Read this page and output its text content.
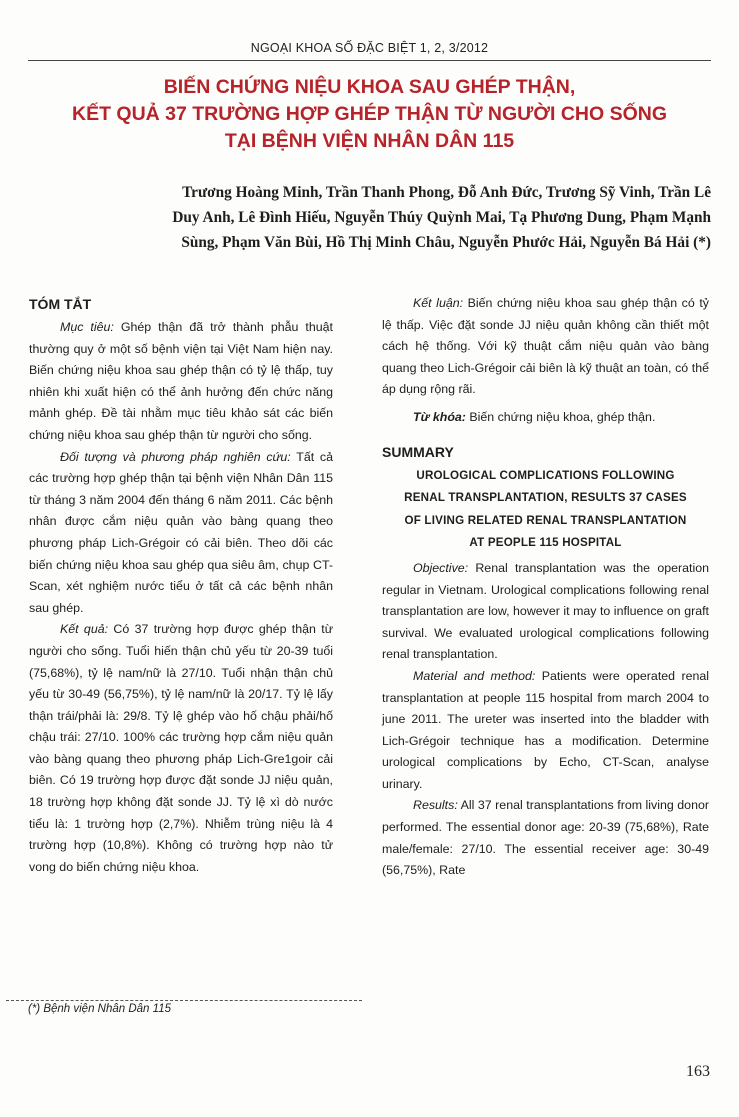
NGOẠI KHOA SỐ ĐẶC BIỆT 1, 2, 3/2012
BIẾN CHỨNG NIỆU KHOA SAU GHÉP THẬN,
KẾT QUẢ 37 TRƯỜNG HỢP GHÉP THẬN TỪ NGƯỜI CHO SỐNG
TẠI BỆNH VIỆN NHÂN DÂN 115
Trương Hoàng Minh, Trần Thanh Phong, Đỗ Anh Đức, Trương Sỹ Vinh, Trần Lê
Duy Anh, Lê Đình Hiếu, Nguyễn Thúy Quỳnh Mai, Tạ Phương Dung, Phạm Mạnh
Sùng, Phạm Văn Bùi, Hồ Thị Minh Châu, Nguyễn Phước Hải, Nguyễn Bá Hải (*)
TÓM TẮT

Mục tiêu: Ghép thận đã trở thành phẫu thuật thường quy ở một số bệnh viện tại Việt Nam hiện nay. Biến chứng niệu khoa sau ghép thận có tỷ lệ thấp, tuy nhiên khi xuất hiện có thể ảnh hưởng đến chức năng mảnh ghép. Đề tài nhằm mục tiêu khảo sát các biến chứng niệu khoa sau ghép thận từ người cho sống.

Đối tượng và phương pháp nghiên cứu: Tất cả các trường hợp ghép thận tại bệnh viện Nhân Dân 115 từ tháng 3 năm 2004 đến tháng 6 năm 2011. Các bệnh nhân được cắm niệu quản vào bàng quang theo phương pháp Lich-Grégoir có cải biên. Theo dõi các biến chứng niệu khoa sau ghép qua siêu âm, chụp CT-Scan, xét nghiệm nước tiểu ở tất cả các bệnh nhân sau ghép.

Kết quả: Có 37 trường hợp được ghép thận từ người cho sống. Tuổi hiến thận chủ yếu từ 20-39 tuổi (75,68%), tỷ lệ nam/nữ là 27/10. Tuổi nhận thận chủ yếu từ 30-49 (56,75%), tỷ lệ nam/nữ là 20/17. Tỷ lệ lấy thận trái/phải là: 29/8. Tỷ lệ ghép vào hố chậu phải/hố chậu trái: 27/10. 100% các trường hợp cắm niệu quản vào bàng quang theo phương pháp Lich-Gre1goir cải biên. Có 19 trường hợp được đặt sonde JJ niệu quản, 18 trường hợp không đặt sonde JJ. Tỷ lệ xì dò nước tiểu là: 1 trường hợp (2,7%). Nhiễm trùng niệu là 4 trường hợp (10,8%). Không có trường hợp nào tử vong do biến chứng niệu khoa.

Kết luận: Biến chứng niệu khoa sau ghép thận có tỷ lệ thấp. Việc đặt sonde JJ niệu quản không cần thiết một cách hệ thống. Với kỹ thuật cắm niệu quản vào bàng quang theo Lich-Grégoir cải biên là kỹ thuật an toàn, có thể áp dụng rộng rãi.

Từ khóa: Biến chứng niệu khoa, ghép thận.

SUMMARY
UROLOGICAL COMPLICATIONS FOLLOWING
RENAL TRANSPLANTATION, RESULTS 37 CASES
OF LIVING RELATED RENAL TRANSPLANTATION
AT PEOPLE 115 HOSPITAL

Objective: Renal transplantation was the operation regular in Vietnam. Urological complications following renal transplantation are low, however it may to influence on graft survival. We evaluated urological complications following renal transplantation.

Material and method: Patients were operated renal transplantation at people 115 hospital from march 2004 to june 2011. The ureter was inserted into the bladder with Lich-Grégoir technique has a modification. Determine urological complications by Echo, CT-Scan, analyse urinary.

Results: All 37 renal transplantations from living donor performed. The essential donor age: 20-39 (75,68%), Rate male/female: 27/10. The essential receiver age: 30-49 (56,75%), Rate

(*) Bệnh viện Nhân Dân 115
163
